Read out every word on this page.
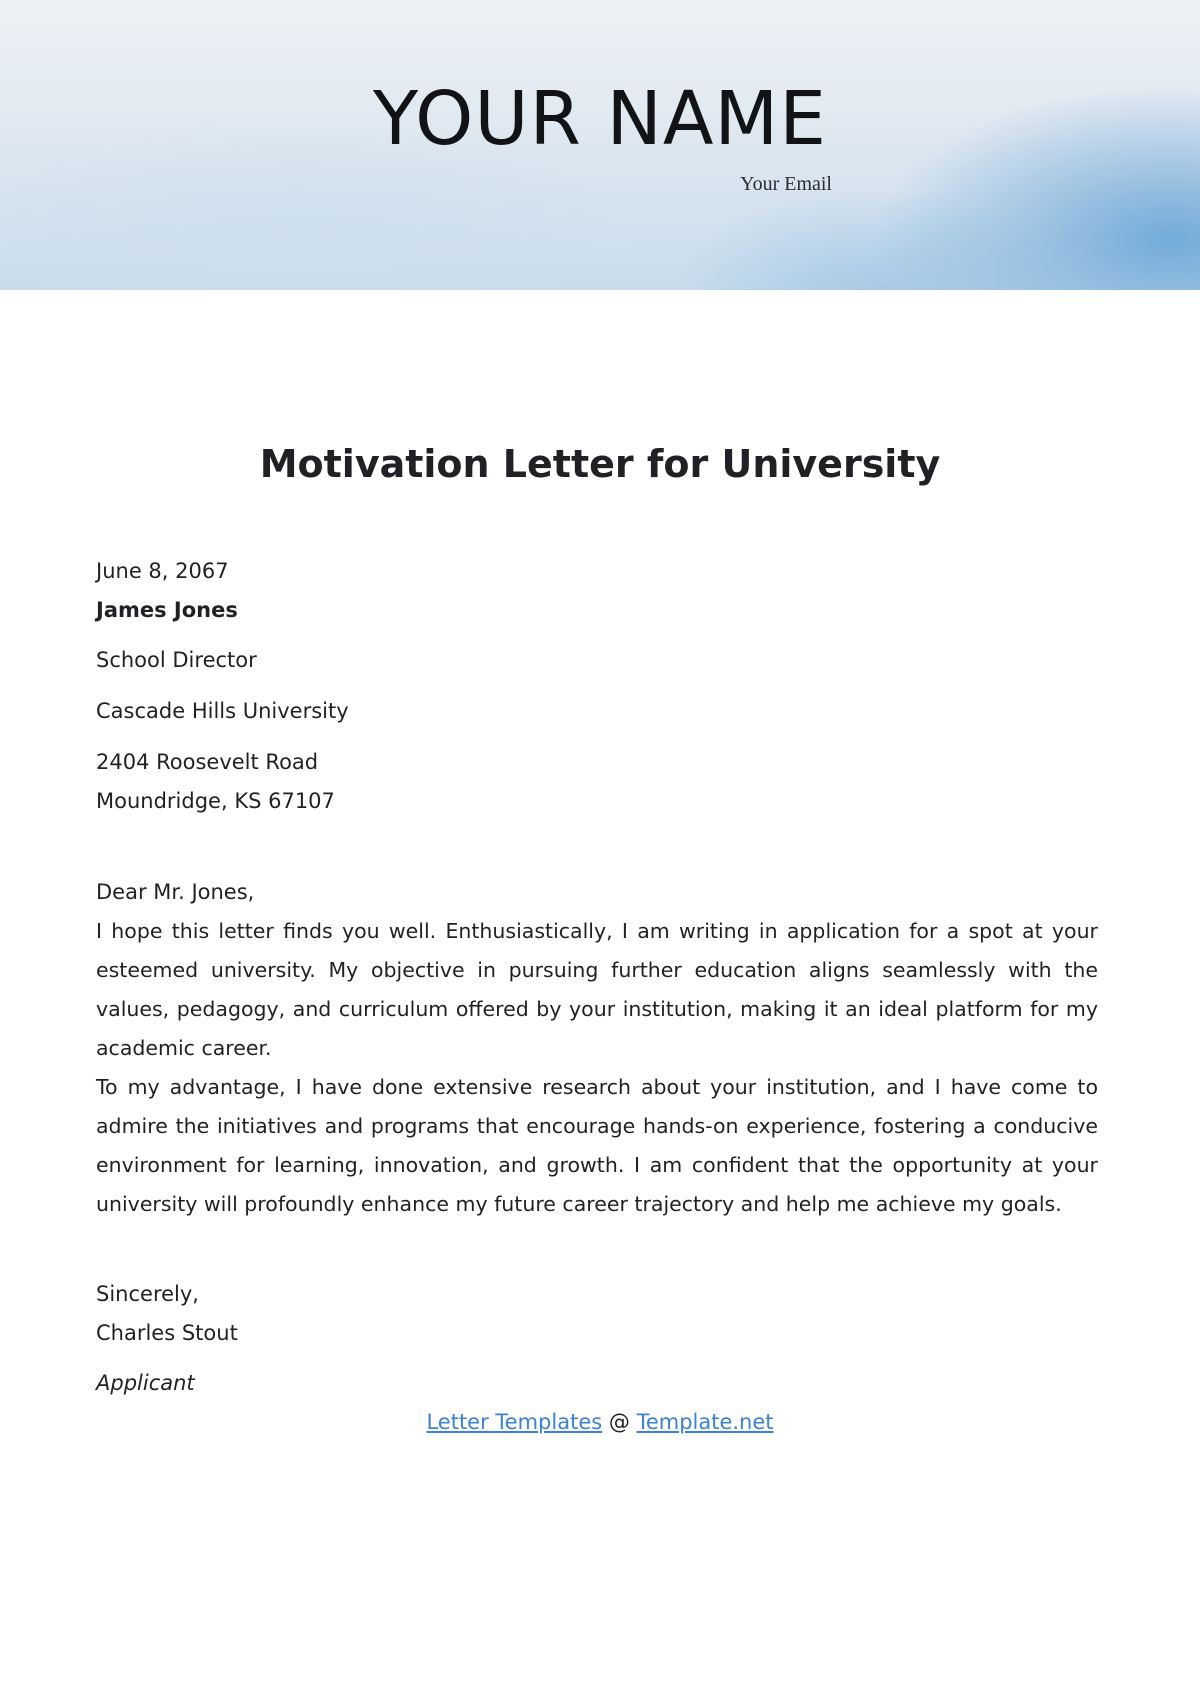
YOUR NAME
Your Email
Motivation Letter for University
June 8, 2067
James Jones
School Director
Cascade Hills University
2404 Roosevelt Road
Moundridge, KS 67107
Dear Mr. Jones,

I hope this letter finds you well. Enthusiastically, I am writing in application for a spot at your esteemed university. My objective in pursuing further education aligns seamlessly with the values, pedagogy, and curriculum offered by your institution, making it an ideal platform for my academic career.

To my advantage, I have done extensive research about your institution, and I have come to admire the initiatives and programs that encourage hands-on experience, fostering a conducive environment for learning, innovation, and growth. I am confident that the opportunity at your university will profoundly enhance my future career trajectory and help me achieve my goals.

Sincerely,
Charles Stout
Applicant
Letter Templates @ Template.net
